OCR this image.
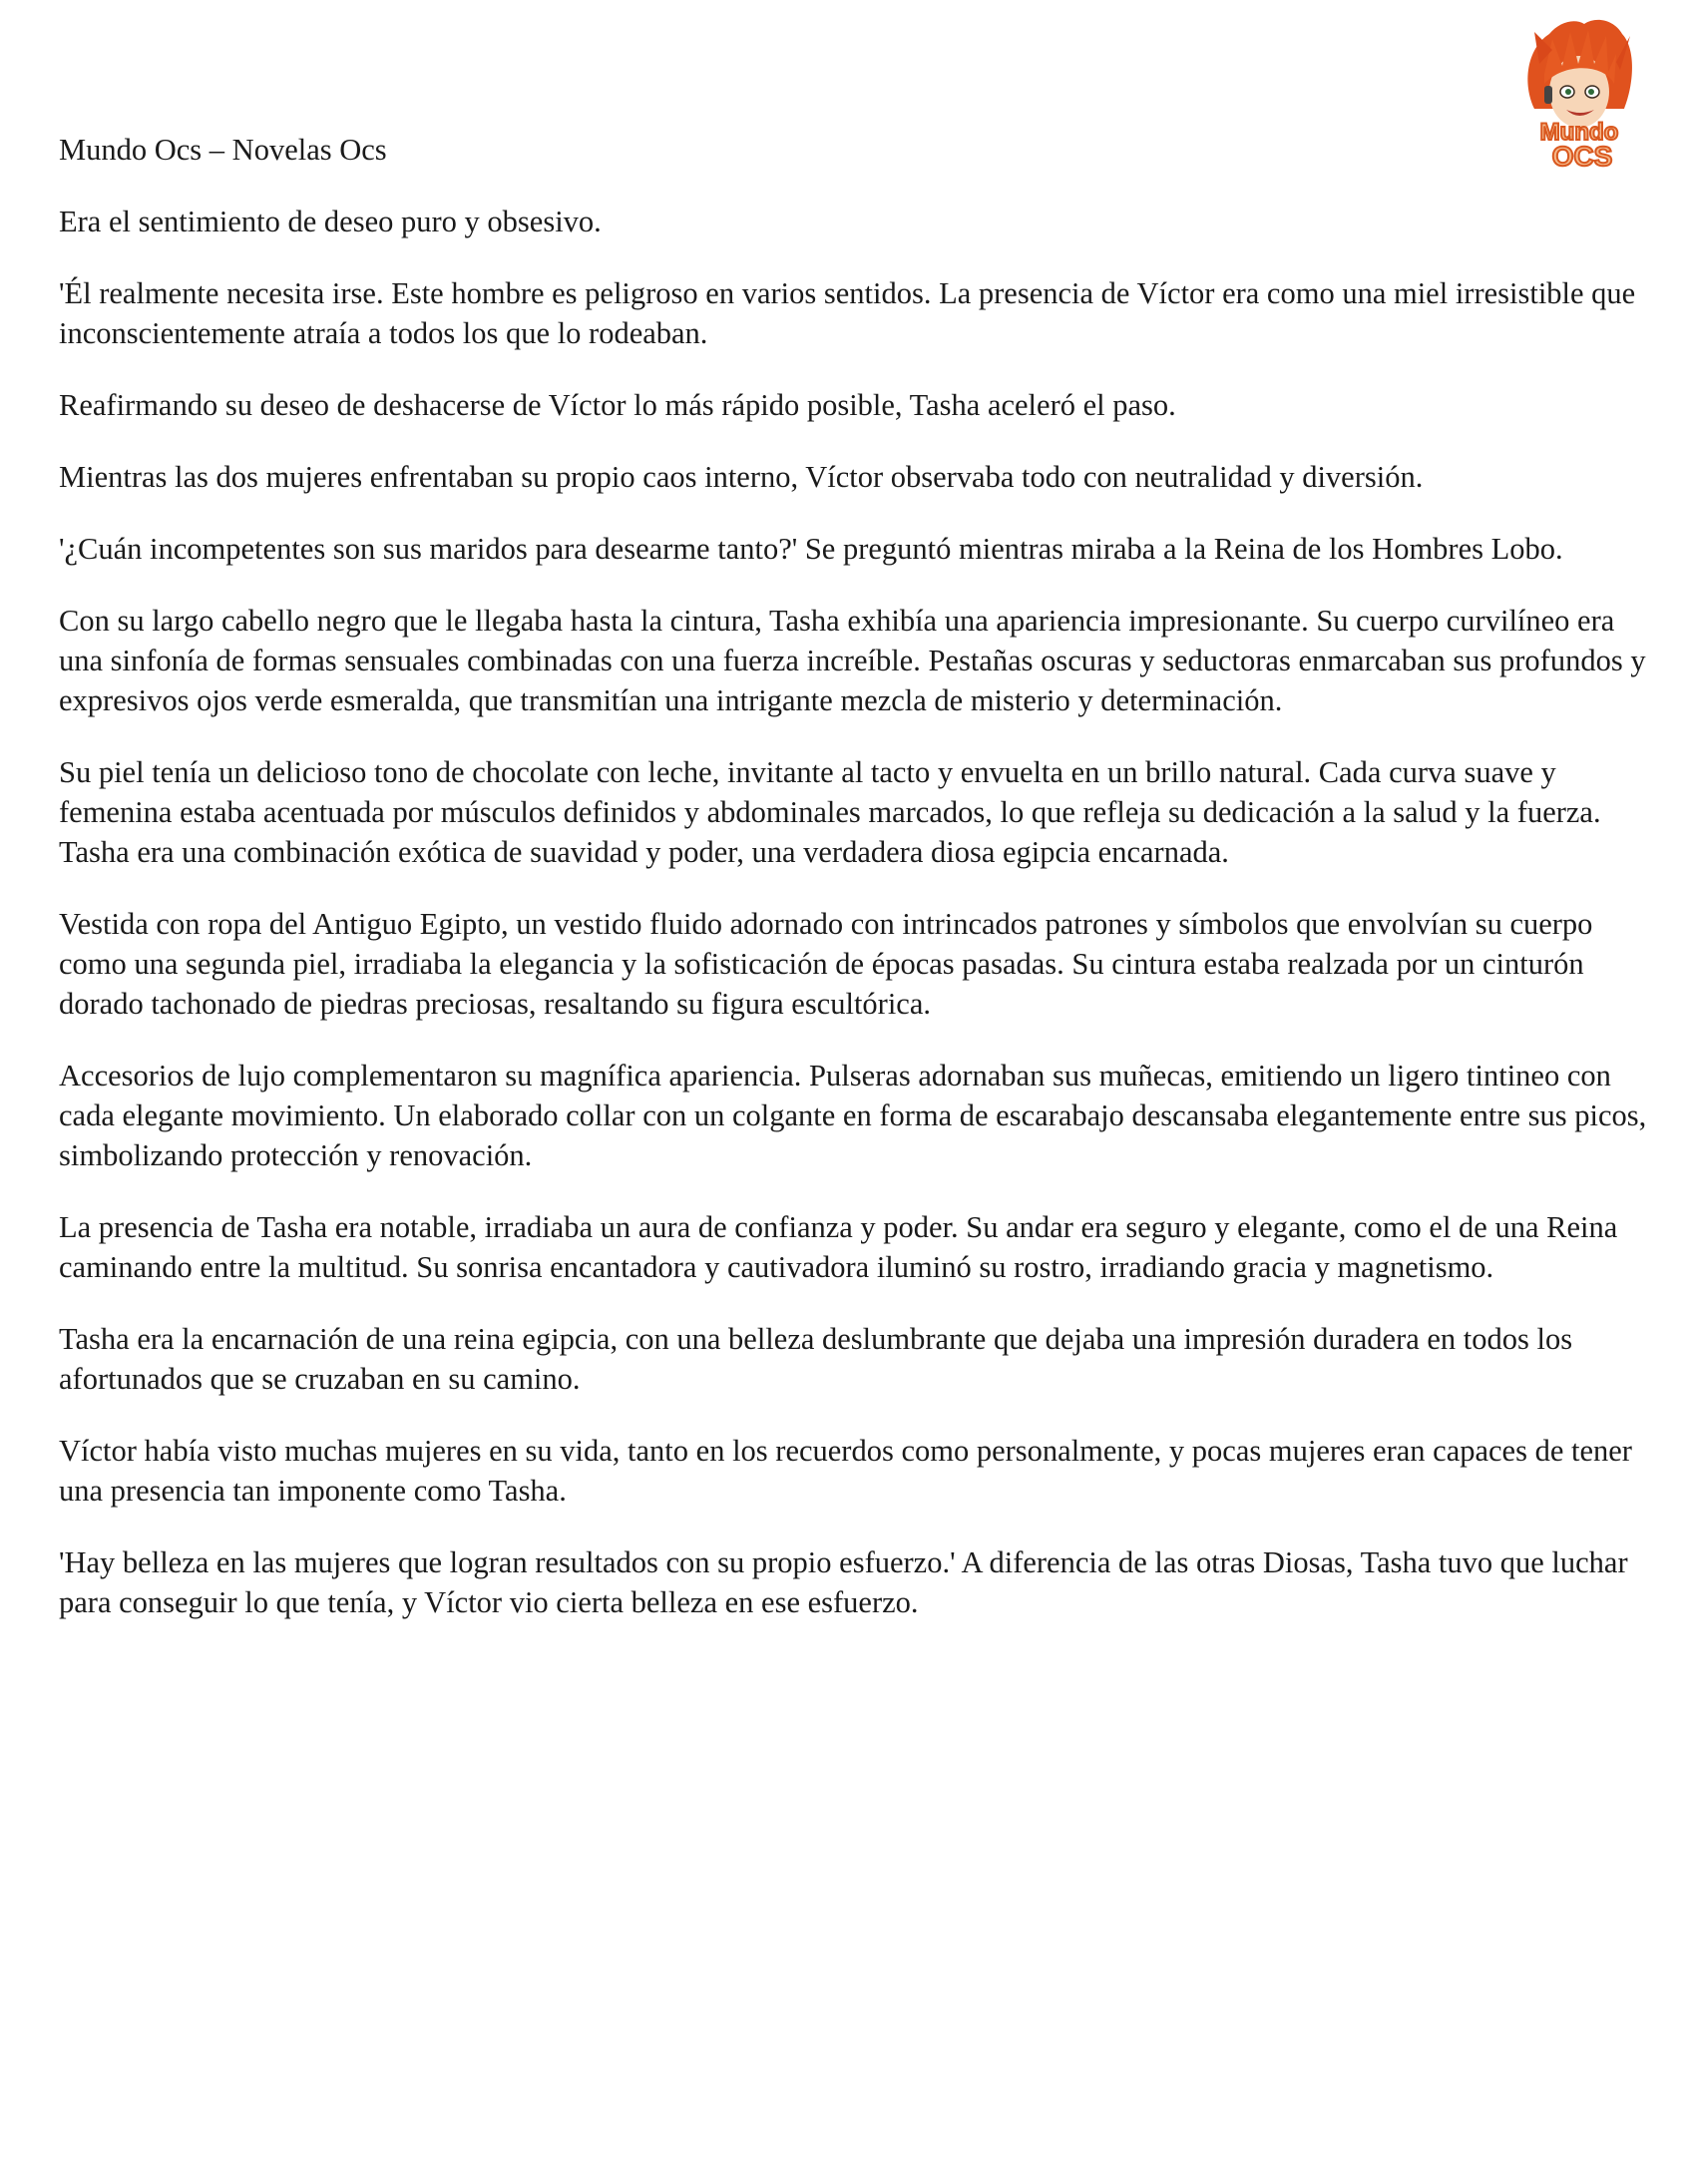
Mundo
OCS

Mundo Ocs – Novelas Ocs

Era el sentimiento de deseo puro y obsesivo.

'Él realmente necesita irse. Este hombre es peligroso en varios sentidos. La presencia de Víctor era como una miel irresistible que inconscientemente atraía a todos los que lo rodeaban.

Reafirmando su deseo de deshacerse de Víctor lo más rápido posible, Tasha aceleró el paso.

Mientras las dos mujeres enfrentaban su propio caos interno, Víctor observaba todo con neutralidad y diversión.

'¿Cuán incompetentes son sus maridos para desearme tanto?' Se preguntó mientras miraba a la Reina de los Hombres Lobo.

Con su largo cabello negro que le llegaba hasta la cintura, Tasha exhibía una apariencia impresionante. Su cuerpo curvilíneo era una sinfonía de formas sensuales combinadas con una fuerza increíble. Pestañas oscuras y seductoras enmarcaban sus profundos y expresivos ojos verde esmeralda, que transmitían una intrigante mezcla de misterio y determinación.

Su piel tenía un delicioso tono de chocolate con leche, invitante al tacto y envuelta en un brillo natural. Cada curva suave y femenina estaba acentuada por músculos definidos y abdominales marcados, lo que refleja su dedicación a la salud y la fuerza. Tasha era una combinación exótica de suavidad y poder, una verdadera diosa egipcia encarnada.

Vestida con ropa del Antiguo Egipto, un vestido fluido adornado con intrincados patrones y símbolos que envolvían su cuerpo como una segunda piel, irradiaba la elegancia y la sofisticación de épocas pasadas. Su cintura estaba realzada por un cinturón dorado tachonado de piedras preciosas, resaltando su figura escultórica.

Accesorios de lujo complementaron su magnífica apariencia. Pulseras adornaban sus muñecas, emitiendo un ligero tintineo con cada elegante movimiento. Un elaborado collar con un colgante en forma de escarabajo descansaba elegantemente entre sus picos, simbolizando protección y renovación.

La presencia de Tasha era notable, irradiaba un aura de confianza y poder. Su andar era seguro y elegante, como el de una Reina caminando entre la multitud. Su sonrisa encantadora y cautivadora iluminó su rostro, irradiando gracia y magnetismo.

Tasha era la encarnación de una reina egipcia, con una belleza deslumbrante que dejaba una impresión duradera en todos los afortunados que se cruzaban en su camino.

Víctor había visto muchas mujeres en su vida, tanto en los recuerdos como personalmente, y pocas mujeres eran capaces de tener una presencia tan imponente como Tasha.

'Hay belleza en las mujeres que logran resultados con su propio esfuerzo.' A diferencia de las otras Diosas, Tasha tuvo que luchar para conseguir lo que tenía, y Víctor vio cierta belleza en ese esfuerzo.
